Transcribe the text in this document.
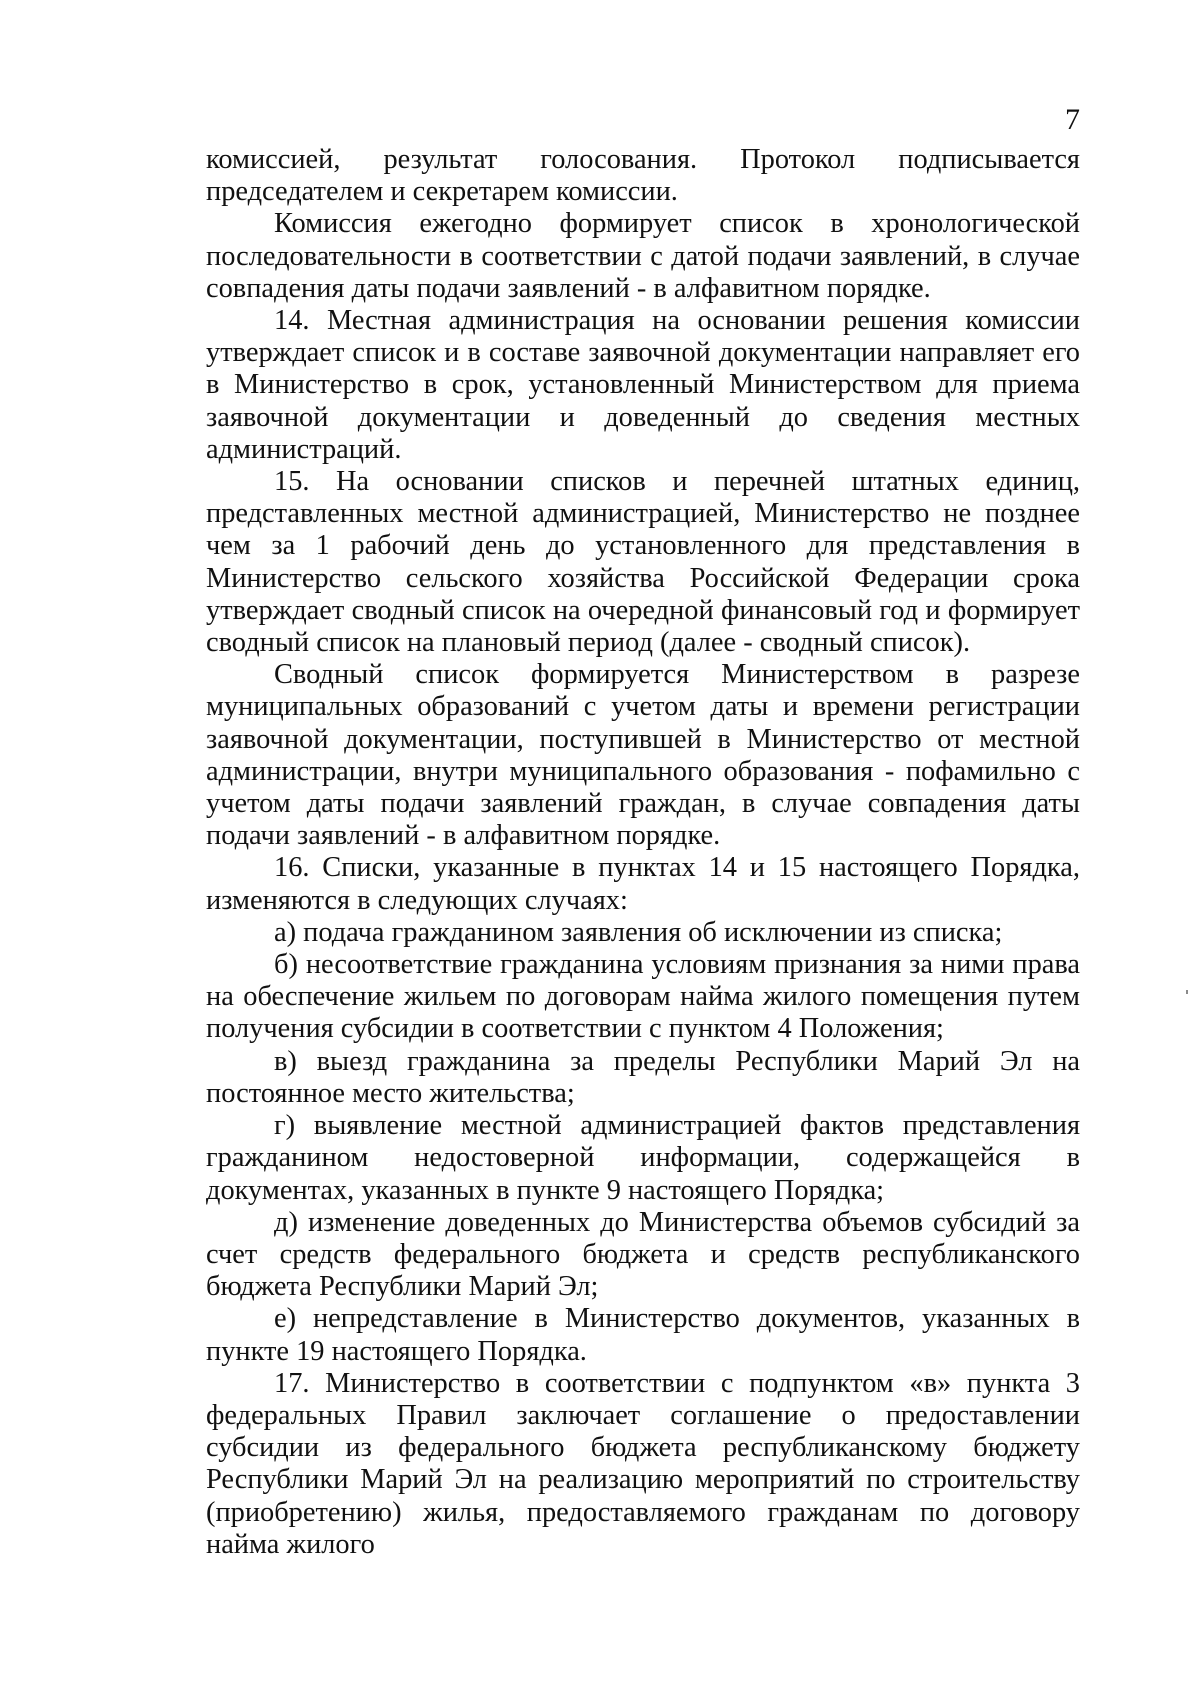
7

комиссией, результат голосования. Протокол подписывается председателем и секретарем комиссии.

Комиссия ежегодно формирует список в хронологической последовательности в соответствии с датой подачи заявлений, в случае совпадения даты подачи заявлений - в алфавитном порядке.

14. Местная администрация на основании решения комиссии утверждает список и в составе заявочной документации направляет его в Министерство в срок, установленный Министерством для приема заявочной документации и доведенный до сведения местных администраций.

15. На основании списков и перечней штатных единиц, представленных местной администрацией, Министерство не позднее чем за 1 рабочий день до установленного для представления в Министерство сельского хозяйства Российской Федерации срока утверждает сводный список на очередной финансовый год и формирует сводный список на плановый период (далее - сводный список).

Сводный список формируется Министерством в разрезе муниципальных образований с учетом даты и времени регистрации заявочной документации, поступившей в Министерство от местной администрации, внутри муниципального образования - пофамильно с учетом даты подачи заявлений граждан, в случае совпадения даты подачи заявлений - в алфавитном порядке.

16. Списки, указанные в пунктах 14 и 15 настоящего Порядка, изменяются в следующих случаях:

а) подача гражданином заявления об исключении из списка;

б) несоответствие гражданина условиям признания за ними права на обеспечение жильем по договорам найма жилого помещения путем получения субсидии в соответствии с пунктом 4 Положения;

в) выезд гражданина за пределы Республики Марий Эл на постоянное место жительства;

г) выявление местной администрацией фактов представления гражданином недостоверной информации, содержащейся в документах, указанных в пункте 9 настоящего Порядка;

д) изменение доведенных до Министерства объемов субсидий за счет средств федерального бюджета и средств республиканского бюджета Республики Марий Эл;

е) непредставление в Министерство документов, указанных в пункте 19 настоящего Порядка.

17. Министерство в соответствии с подпунктом «в» пункта 3 федеральных Правил заключает соглашение о предоставлении субсидии из федерального бюджета республиканскому бюджету Республики Марий Эл на реализацию мероприятий по строительству (приобретению) жилья, предоставляемого гражданам по договору найма жилого
